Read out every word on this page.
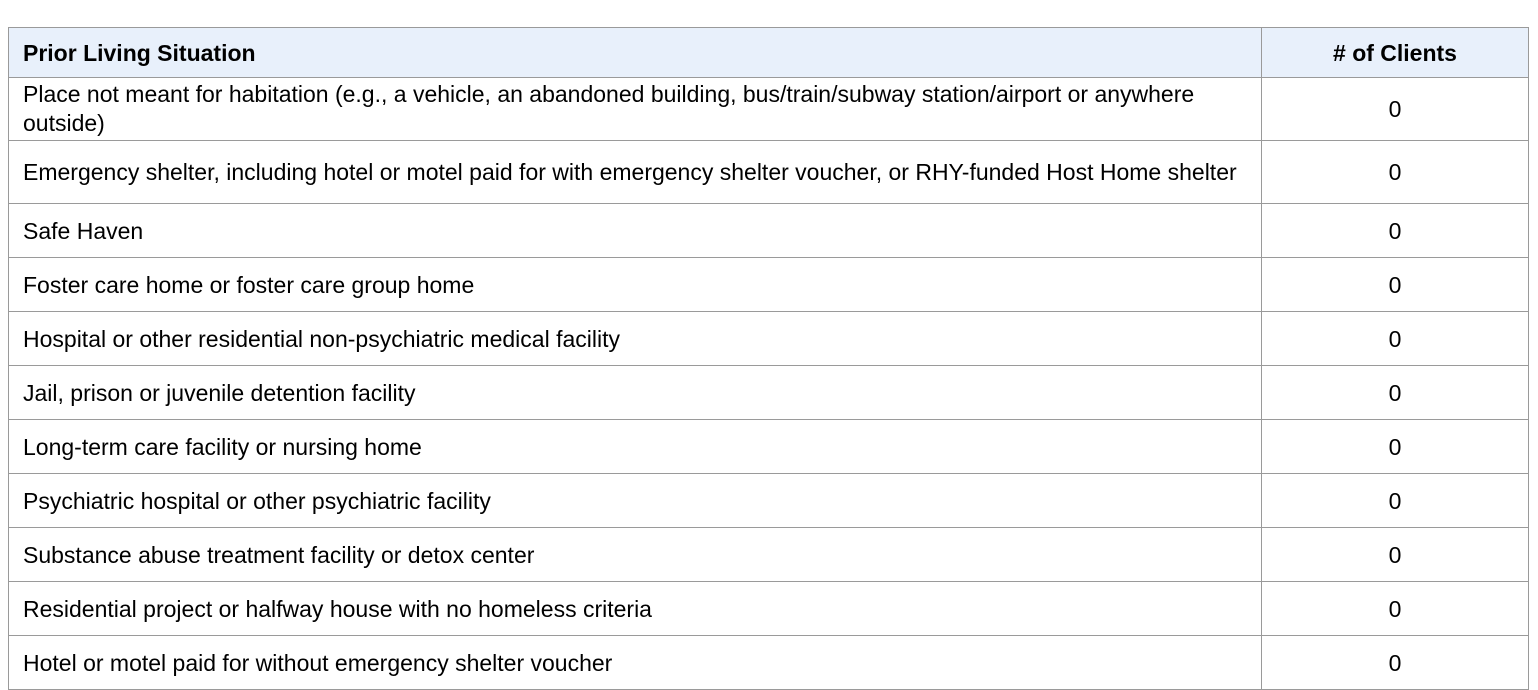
Prior Living Situation	# of Clients
Place not meant for habitation (e.g., a vehicle, an abandoned building, bus/train/subway station/airport or anywhere outside)	0
Emergency shelter, including hotel or motel paid for with emergency shelter voucher, or RHY-funded Host Home shelter	0
Safe Haven	0
Foster care home or foster care group home	0
Hospital or other residential non-psychiatric medical facility	0
Jail, prison or juvenile detention facility	0
Long-term care facility or nursing home	0
Psychiatric hospital or other psychiatric facility	0
Substance abuse treatment facility or detox center	0
Residential project or halfway house with no homeless criteria	0
Hotel or motel paid for without emergency shelter voucher	0
